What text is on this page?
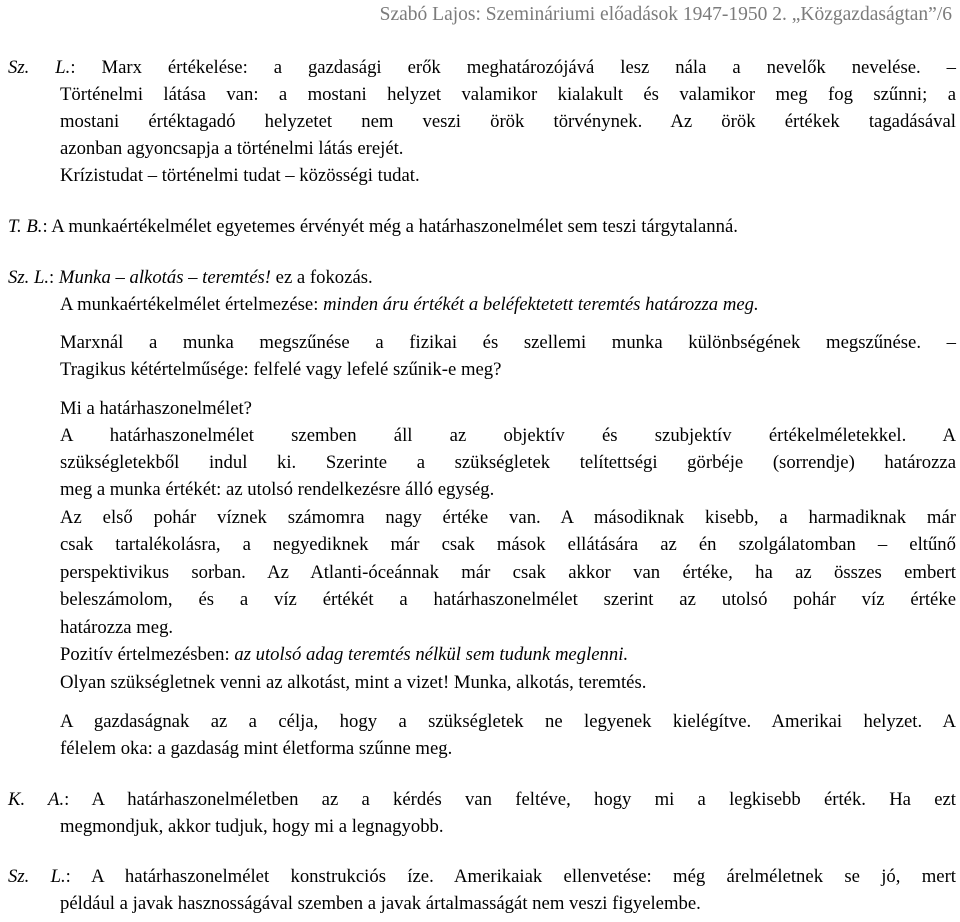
Szabó Lajos: Szemináriumi előadások 1947-1950 2. „Közgazdaságtan”/6
Sz. L.: Marx értékelése: a gazdasági erők meghatározójává lesz nála a nevelők nevelése. –
Történelmi látása van: a mostani helyzet valamikor kialakult és valamikor meg fog szűnni; a
mostani értéktagadó helyzetet nem veszi örök törvénynek. Az örök értékek tagadásával
azonban agyoncsapja a történelmi látás erejét.
Krízistudat – történelmi tudat – közösségi tudat.
T. B.: A munkaértékelmélet egyetemes érvényét még a határhaszonelmélet sem teszi tárgytalanná.
Sz. L.: Munka – alkotás – teremtés! ez a fokozás.
A munkaértékelmélet értelmezése: minden áru értékét a beléfektetett teremtés határozza meg.
Marxnál a munka megszűnése a fizikai és szellemi munka különbségének megszűnése. –
Tragikus kétértelműsége: felfelé vagy lefelé szűnik-e meg?
Mi a határhaszonelmélet?
A határhaszonelmélet szemben áll az objektív és szubjektív értékelméletekkel. A
szükségletekből indul ki. Szerinte a szükségletek telítettségi görbéje (sorrendje) határozza
meg a munka értékét: az utolsó rendelkezésre álló egység.
Az első pohár víznek számomra nagy értéke van. A másodiknak kisebb, a harmadiknak már
csak tartalékolásra, a negyediknek már csak mások ellátására az én szolgálatomban – eltűnő
perspektivikus sorban. Az Atlanti-óceánnak már csak akkor van értéke, ha az összes embert
beleszámolom, és a víz értékét a határhaszonelmélet szerint az utolsó pohár víz értéke
határozza meg.
Pozitív értelmezésben: az utolsó adag teremtés nélkül sem tudunk meglenni.
Olyan szükségletnek venni az alkotást, mint a vizet! Munka, alkotás, teremtés.
A gazdaságnak az a célja, hogy a szükségletek ne legyenek kielégítve. Amerikai helyzet. A
félelem oka: a gazdaság mint életforma szűnne meg.
K. A.: A határhaszonelméletben az a kérdés van feltéve, hogy mi a legkisebb érték. Ha ezt
megmondjuk, akkor tudjuk, hogy mi a legnagyobb.
Sz. L.: A határhaszonelmélet konstrukciós íze. Amerikaiak ellenvetése: még árelméletnek se jó, mert
például a javak hasznosságával szemben a javak ártalmasságát nem veszi figyelembe.
